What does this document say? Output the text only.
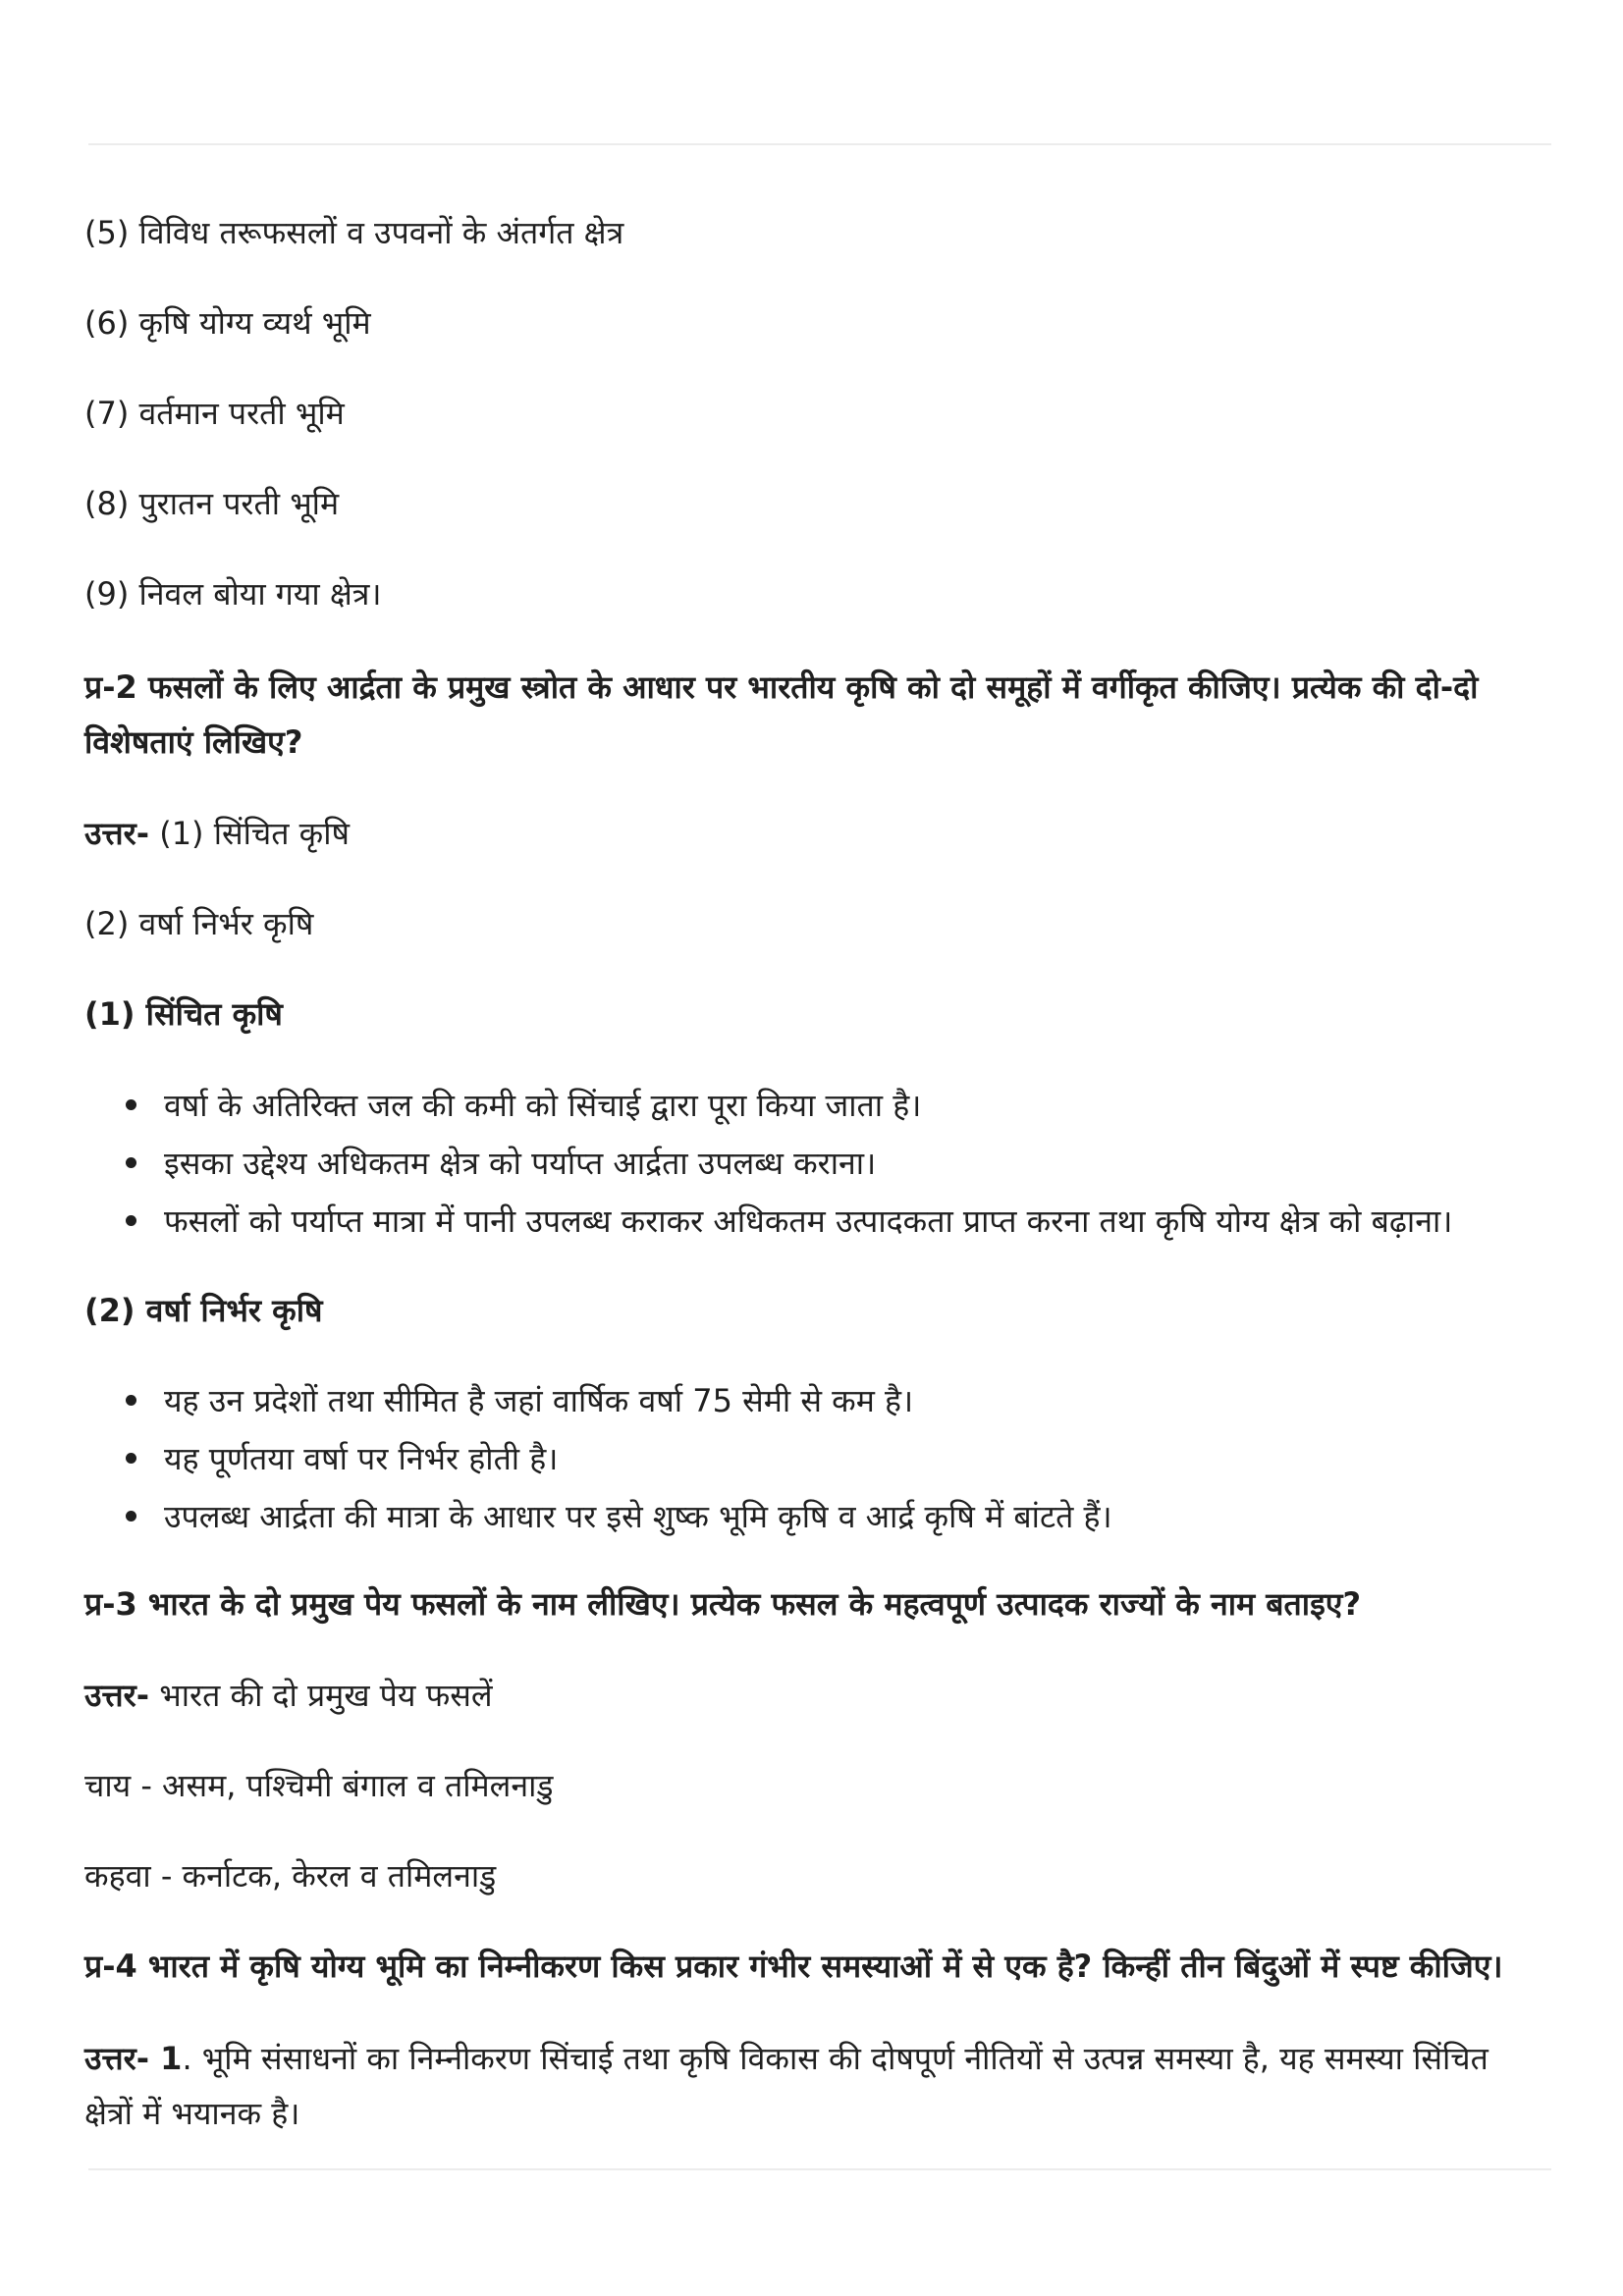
(5) विविध तरूफसलों व उपवनों के अंतर्गत क्षेत्र
(6) कृषि योग्य व्यर्थ भूमि
(7) वर्तमान परती भूमि
(8) पुरातन परती भूमि
(9) निवल बोया गया क्षेत्र।
प्र-2 फसलों के लिए आर्द्रता के प्रमुख स्त्रोत के आधार पर भारतीय कृषि को दो समूहों में वर्गीकृत कीजिए। प्रत्येक की दो-दो विशेषताएं लिखिए?
उत्तर- (1) सिंचित कृषि
(2) वर्षा निर्भर कृषि
(1) सिंचित कृषि
वर्षा के अतिरिक्त जल की कमी को सिंचाई द्वारा पूरा किया जाता है।
इसका उद्देश्य अधिकतम क्षेत्र को पर्याप्त आर्द्रता उपलब्ध कराना।
फसलों को पर्याप्त मात्रा में पानी उपलब्ध कराकर अधिकतम उत्पादकता प्राप्त करना तथा कृषि योग्य क्षेत्र को बढ़ाना।
(2) वर्षा निर्भर कृषि
यह उन प्रदेशों तथा सीमित है जहां वार्षिक वर्षा 75 सेमी से कम है।
यह पूर्णतया वर्षा पर निर्भर होती है।
उपलब्ध आर्द्रता की मात्रा के आधार पर इसे शुष्क भूमि कृषि व आर्द्र कृषि में बांटते हैं।
प्र-3 भारत के दो प्रमुख पेय फसलों के नाम लीखिए। प्रत्येक फसल के महत्वपूर्ण उत्पादक राज्यों के नाम बताइए?
उत्तर- भारत की दो प्रमुख पेय फसलें
चाय - असम, पश्चिमी बंगाल व तमिलनाडु
कहवा - कर्नाटक, केरल व तमिलनाडु
प्र-4 भारत में कृषि योग्य भूमि का निम्नीकरण किस प्रकार गंभीर समस्याओं में से एक है? किन्हीं तीन बिंदुओं में स्पष्ट कीजिए।
उत्तर- 1. भूमि संसाधनों का निम्नीकरण सिंचाई तथा कृषि विकास की दोषपूर्ण नीतियों से उत्पन्न समस्या है, यह समस्या सिंचित क्षेत्रों में भयानक है।
